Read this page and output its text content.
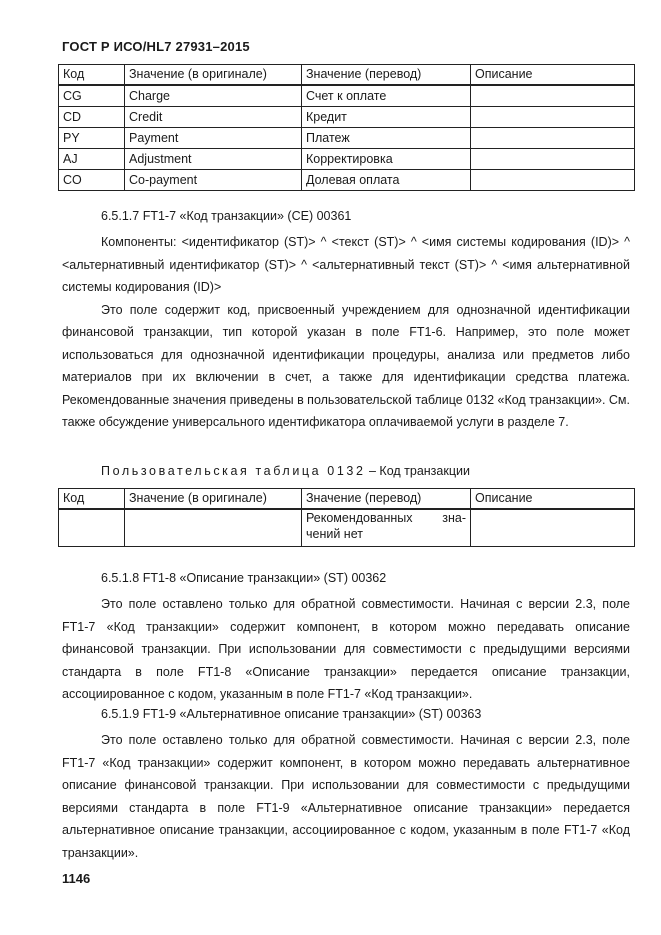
ГОСТ Р ИСО/HL7 27931–2015
Код	Значение (в оригинале)	Значение (перевод)	Описание
CG	Charge	Счет к оплате	
CD	Credit	Кредит	
PY	Payment	Платеж	
AJ	Adjustment	Корректировка	
CO	Co-payment	Долевая оплата	
6.5.1.7 FT1-7 «Код транзакции» (СЕ) 00361

Компоненты: <идентификатор (ST)> ^ <текст (ST)> ^ <имя системы кодирования (ID)> ^ <альтернативный идентификатор (ST)> ^ <альтернативный текст (ST)> ^ <имя альтернативной системы кодирования (ID)>

Это поле содержит код, присвоенный учреждением для однозначной идентификации финансовой транзакции, тип которой указан в поле FT1-6. Например, это поле может использоваться для однозначной идентификации процедуры, анализа или предметов либо материалов при их включении в счет, а также для идентификации средства платежа. Рекомендованные значения приведены в пользовательской таблице 0132 «Код транзакции». См. также обсуждение универсального идентификатора оплачиваемой услуги в разделе 7.

Пользовательская таблица 0132 – Код транзакции
Код	Значение (в оригинале)	Значение (перевод)	Описание

		Рекомендованных зна-
чений нет	

6.5.1.8 FT1-8 «Описание транзакции» (ST) 00362

Это поле оставлено только для обратной совместимости. Начиная с версии 2.3, поле FT1-7 «Код транзакции» содержит компонент, в котором можно передавать описание финансовой транзакции. При использовании для совместимости с предыдущими версиями стандарта в поле FT1-8 «Описание транзакции» передается описание транзакции, ассоциированное с кодом, указанным в поле FT1-7 «Код транзакции».

6.5.1.9 FT1-9 «Альтернативное описание транзакции» (ST) 00363

Это поле оставлено только для обратной совместимости. Начиная с версии 2.3, поле FT1-7 «Код транзакции» содержит компонент, в котором можно передавать альтернативное описание финансовой транзакции. При использовании для совместимости с предыдущими версиями стандарта в поле FT1-9 «Альтернативное описание транзакции» передается альтернативное описание транзакции, ассоциированное с кодом, указанным в поле FT1-7 «Код транзакции».

1146
